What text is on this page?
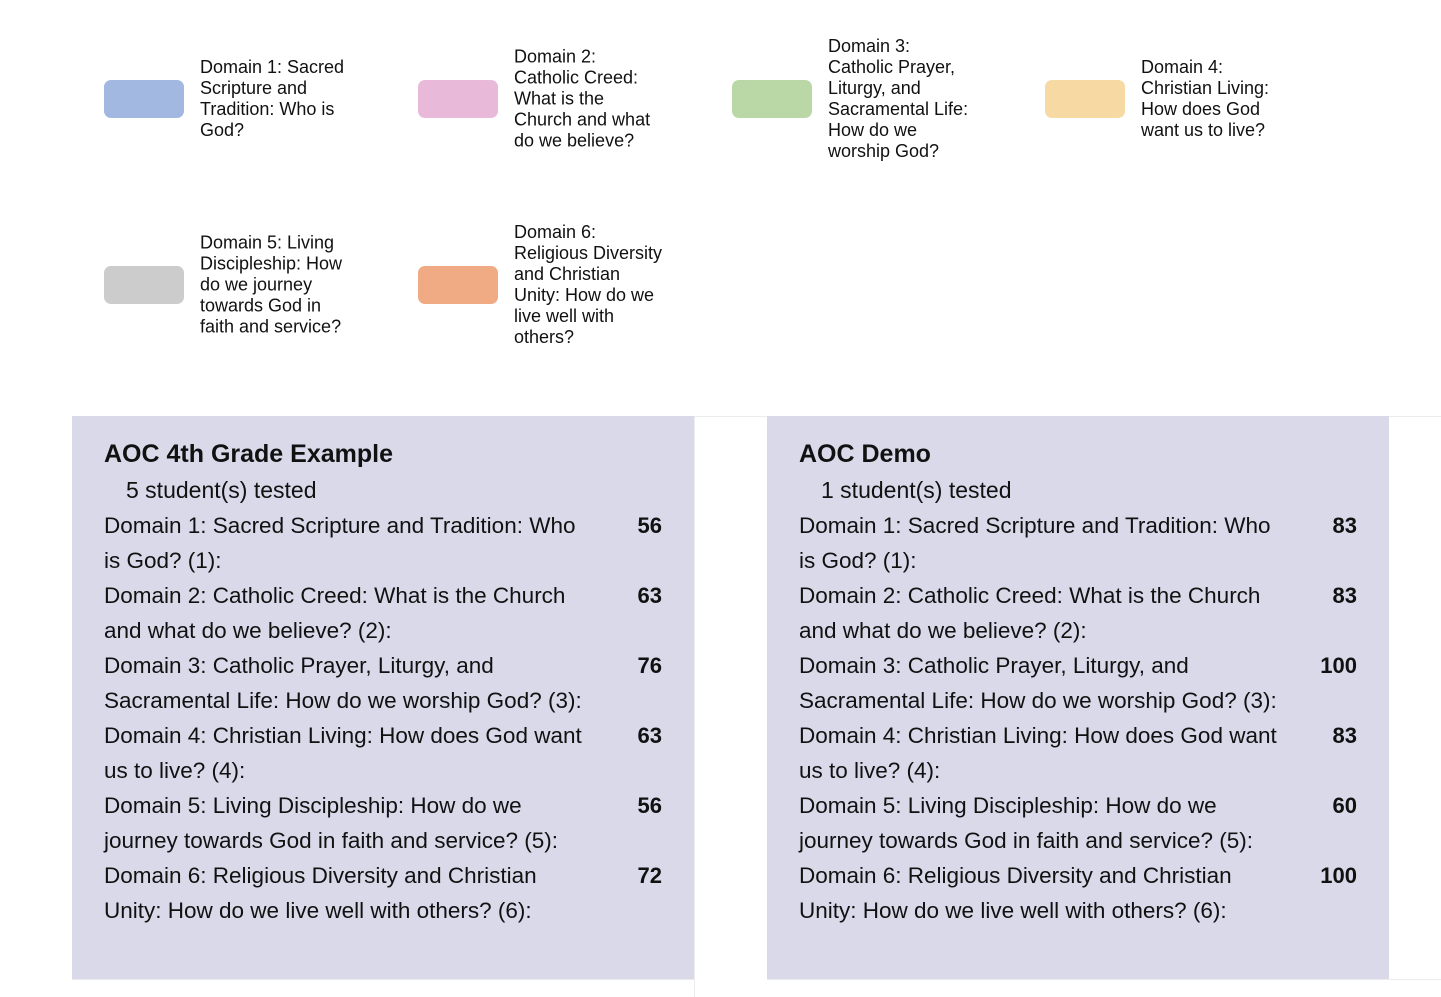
Domain 1: Sacred Scripture and Tradition: Who is God?
Domain 2: Catholic Creed: What is the Church and what do we believe?
Domain 3: Catholic Prayer, Liturgy, and Sacramental Life: How do we worship God?
Domain 4: Christian Living: How does God want us to live?
Domain 5: Living Discipleship: How do we journey towards God in faith and service?
Domain 6: Religious Diversity and Christian Unity: How do we live well with others?
AOC 4th Grade Example
5 student(s) tested
Domain 1: Sacred Scripture and Tradition: Who is God? (1):
56
Domain 2: Catholic Creed: What is the Church and what do we believe? (2):
63
Domain 3: Catholic Prayer, Liturgy, and Sacramental Life: How do we worship God? (3):
76
Domain 4: Christian Living: How does God want us to live? (4):
63
Domain 5: Living Discipleship: How do we journey towards God in faith and service? (5):
56
Domain 6: Religious Diversity and Christian Unity: How do we live well with others? (6):
72
AOC Demo
1 student(s) tested
Domain 1: Sacred Scripture and Tradition: Who is God? (1):
83
Domain 2: Catholic Creed: What is the Church and what do we believe? (2):
83
Domain 3: Catholic Prayer, Liturgy, and Sacramental Life: How do we worship God? (3):
100
Domain 4: Christian Living: How does God want us to live? (4):
83
Domain 5: Living Discipleship: How do we journey towards God in faith and service? (5):
60
Domain 6: Religious Diversity and Christian Unity: How do we live well with others? (6):
100
